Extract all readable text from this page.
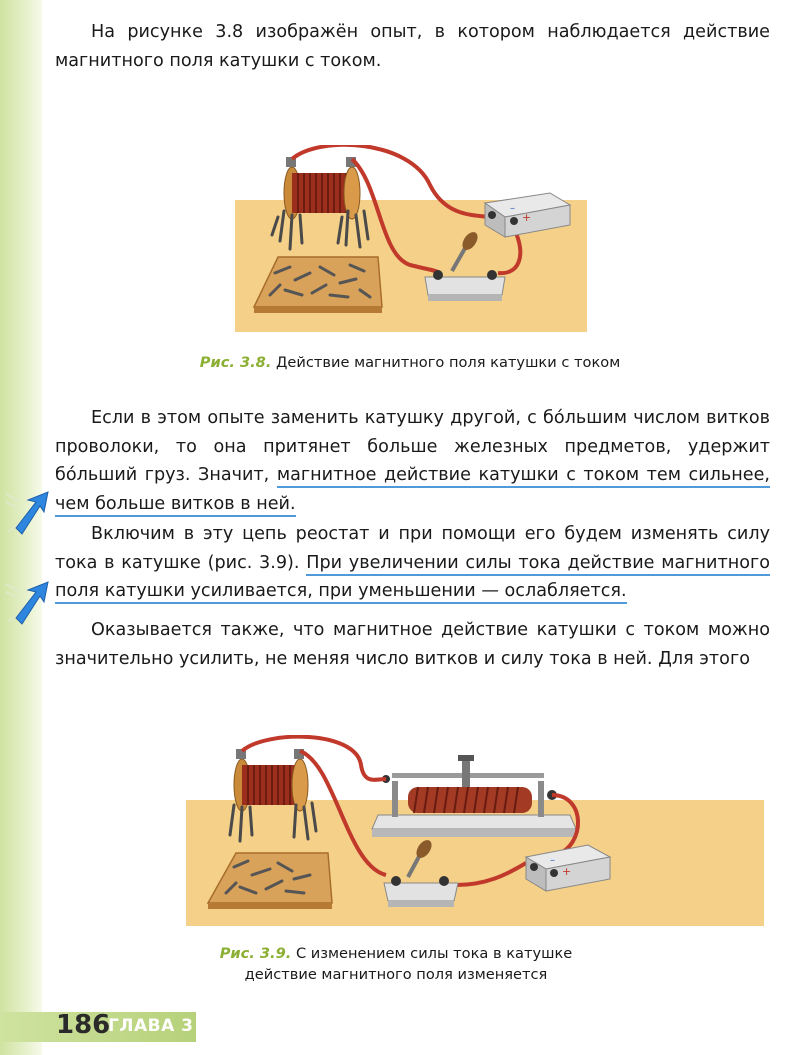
На рисунке 3.8 изображён опыт, в котором наблюдается действие магнитного поля катушки с током.

–
+
Рис. 3.8. Действие магнитного поля катушки с током

Если в этом опыте заменить катушку другой, с бóльшим числом витков проволоки, то она притянет больше железных предметов, удержит бóльший груз. Значит, магнитное действие катушки с током тем сильнее, чем больше витков в ней.

Включим в эту цепь реостат и при помощи его будем изменять силу тока в катушке (рис. 3.9). При увеличении силы тока действие магнитного поля катушки усиливается, при уменьшении — ослабляется.

Оказывается также, что магнитное действие катушки с током можно значительно усилить, не меняя число витков и силу тока в ней. Для этого

–
+
Рис. 3.9. С изменением силы тока в катушке
действие магнитного поля изменяется
186
ГЛАВА 3
